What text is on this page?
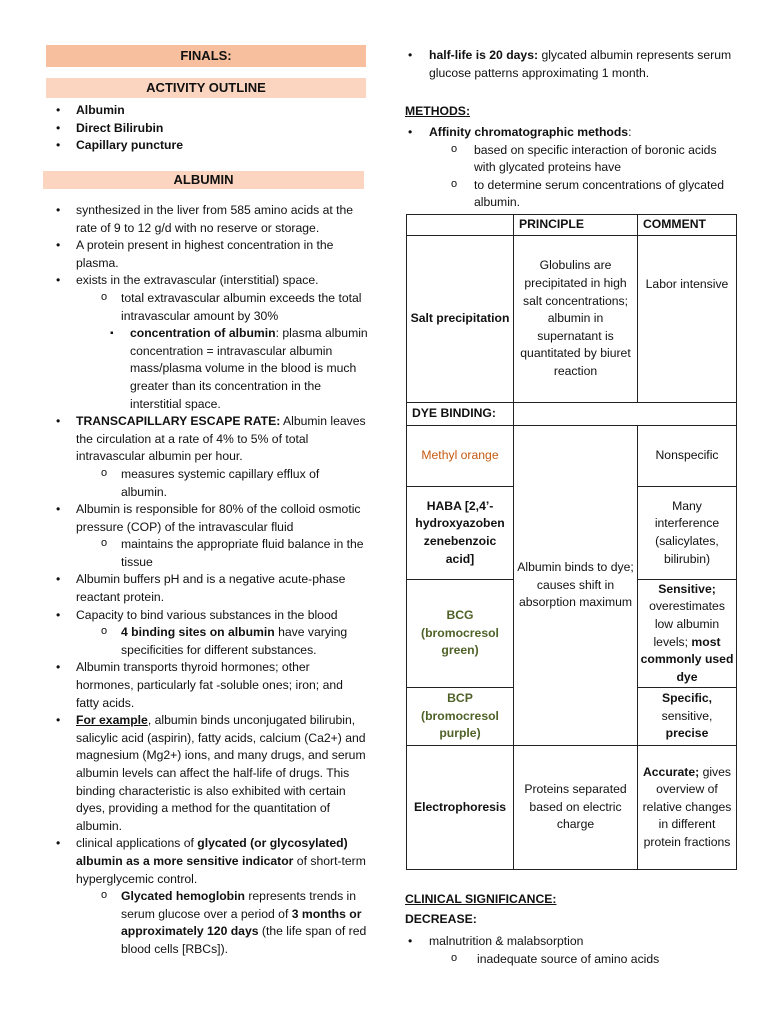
FINALS:
ACTIVITY OUTLINE
• Albumin
• Direct Bilirubin
• Capillary puncture
ALBUMIN
• synthesized in the liver from 585 amino acids at the rate of 9 to 12 g/d with no reserve or storage.
• A protein present in highest concentration in the plasma.
• exists in the extravascular (interstitial) space.
o total extravascular albumin exceeds the total intravascular amount by 30%
▪ concentration of albumin: plasma albumin concentration = intravascular albumin mass/plasma volume in the blood is much greater than its concentration in the interstitial space.
• TRANSCAPILLARY ESCAPE RATE: Albumin leaves the circulation at a rate of 4% to 5% of total intravascular albumin per hour.
o measures systemic capillary efflux of albumin.
• Albumin is responsible for 80% of the colloid osmotic pressure (COP) of the intravascular fluid
o maintains the appropriate fluid balance in the tissue
• Albumin buffers pH and is a negative acute-phase reactant protein.
• Capacity to bind various substances in the blood
o 4 binding sites on albumin have varying specificities for different substances.
• Albumin transports thyroid hormones; other hormones, particularly fat -soluble ones; iron; and fatty acids.
• For example, albumin binds unconjugated bilirubin, salicylic acid (aspirin), fatty acids, calcium (Ca2+) and magnesium (Mg2+) ions, and many drugs, and serum albumin levels can affect the half-life of drugs. This binding characteristic is also exhibited with certain dyes, providing a method for the quantitation of albumin.
• clinical applications of glycated (or glycosylated) albumin as a more sensitive indicator of short-term hyperglycemic control.
o Glycated hemoglobin represents trends in serum glucose over a period of 3 months or approximately 120 days (the life span of red blood cells [RBCs]).
• half-life is 20 days: glycated albumin represents serum glucose patterns approximating 1 month.
METHODS:
• Affinity chromatographic methods:
o based on specific interaction of boronic acids with glycated proteins have
o to determine serum concentrations of glycated albumin.
	PRINCIPLE	COMMENT
Salt precipitation	Globulins are precipitated in high salt concentrations; albumin in supernatant is quantitated by biuret reaction	Labor intensive
DYE BINDING:		
Methyl orange	Albumin binds to dye; causes shift in absorption maximum	Nonspecific
HABA [2,4’-hydroxyazoben zenebenzoic acid]		Many interference (salicylates, bilirubin)
BCG (bromocresol green)		Sensitive; overestimates low albumin levels; most commonly used dye
BCP (bromocresol purple)		Specific, sensitive, precise
Electrophoresis	Proteins separated based on electric charge	Accurate; gives overview of relative changes in different protein fractions
CLINICAL SIGNIFICANCE:
DECREASE:
• malnutrition & malabsorption
o inadequate source of amino acids
